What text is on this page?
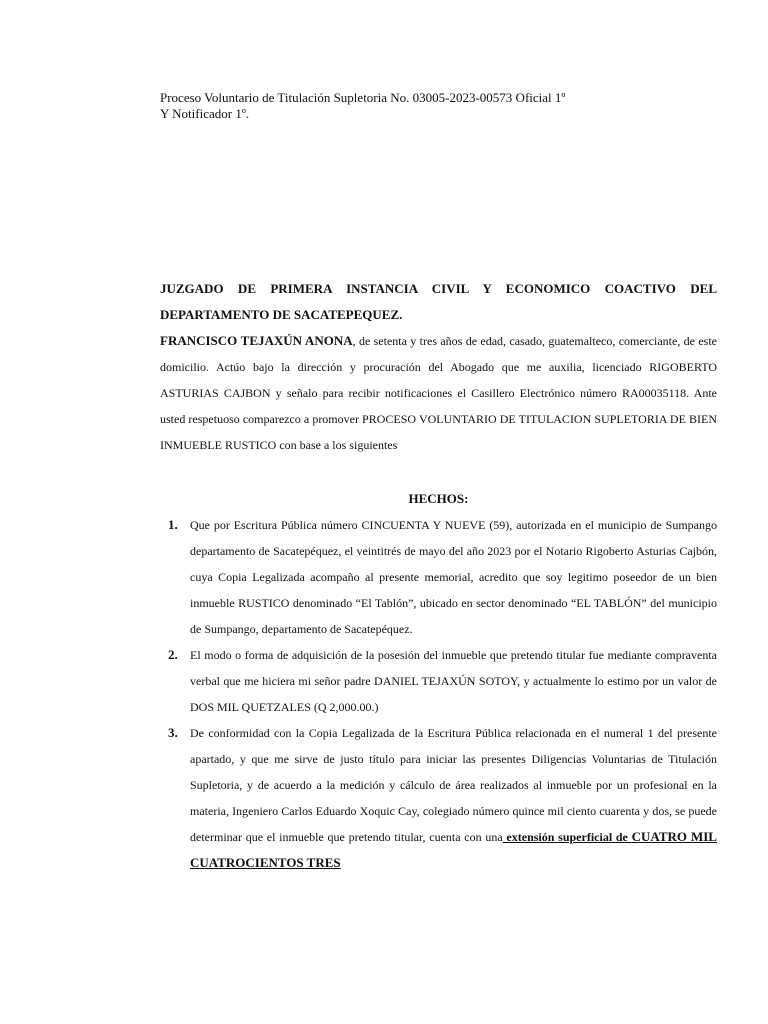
Proceso Voluntario de Titulación Supletoria No. 03005-2023-00573 Oficial 1º
Y Notificador 1º.
JUZGADO DE PRIMERA INSTANCIA CIVIL Y ECONOMICO COACTIVO DEL DEPARTAMENTO DE SACATEPEQUEZ.
FRANCISCO TEJAXÚN ANONA, de setenta y tres años de edad, casado, guatemalteco, comerciante, de este domicilio. Actúo bajo la dirección y procuración del Abogado que me auxilia, licenciado RIGOBERTO ASTURIAS CAJBON y señalo para recibir notificaciones el Casillero Electrónico número RA00035118. Ante usted respetuoso comparezco a promover PROCESO VOLUNTARIO DE TITULACION SUPLETORIA DE BIEN INMUEBLE RUSTICO con base a los siguientes
HECHOS:
1. Que por Escritura Pública número CINCUENTA Y NUEVE (59), autorizada en el municipio de Sumpango departamento de Sacatepéquez, el veintitrés de mayo del año 2023 por el Notario Rigoberto Asturias Cajbón, cuya Copia Legalizada acompaño al presente memorial, acredito que soy legitimo poseedor de un bien inmueble RUSTICO denominado “El Tablón”, ubicado en sector denominado “EL TABLÓN” del municipio de Sumpango, departamento de Sacatepéquez.
2. El modo o forma de adquisición de la posesión del inmueble que pretendo titular fue mediante compraventa verbal que me hiciera mi señor padre DANIEL TEJAXÚN SOTOY, y actualmente lo estimo por un valor de DOS MIL QUETZALES (Q 2,000.00.)
3. De conformidad con la Copia Legalizada de la Escritura Pública relacionada en el numeral 1 del presente apartado, y que me sirve de justo título para iniciar las presentes Diligencias Voluntarias de Titulación Supletoria, y de acuerdo a la medición y cálculo de área realizados al inmueble por un profesional en la materia, Ingeniero Carlos Eduardo Xoquic Cay, colegiado número quince mil ciento cuarenta y dos, se puede determinar que el inmueble que pretendo titular, cuenta con una extensión superficial de CUATRO MIL CUATROCIENTOS TRES
